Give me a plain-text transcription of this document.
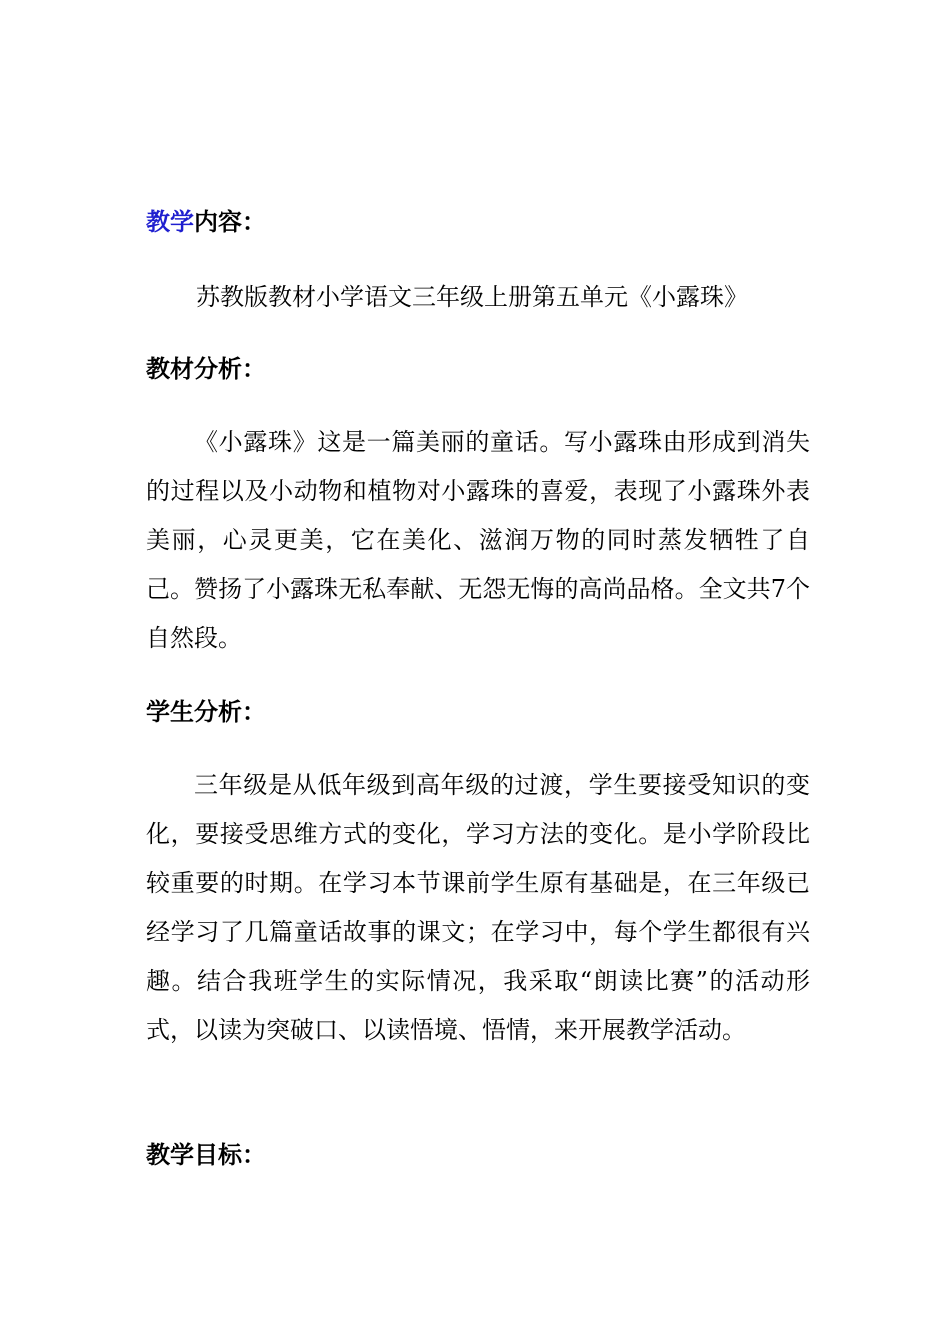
教学内容：

苏教版教材小学语文三年级上册第五单元《小露珠》

教材分析：

《小露珠》这是一篇美丽的童话。写小露珠由形成到消失的过程以及小动物和植物对小露珠的喜爱，表现了小露珠外表美丽，心灵更美，它在美化、滋润万物的同时蒸发牺牲了自己。赞扬了小露珠无私奉献、无怨无悔的高尚品格。全文共7个自然段。

学生分析：

三年级是从低年级到高年级的过渡，学生要接受知识的变化，要接受思维方式的变化，学习方法的变化。是小学阶段比较重要的时期。在学习本节课前学生原有基础是，在三年级已经学习了几篇童话故事的课文；在学习中，每个学生都很有兴趣。结合我班学生的实际情况，我采取“朗读比赛”的活动形式，以读为突破口、以读悟境、悟情，来开展教学活动。

教学目标：
